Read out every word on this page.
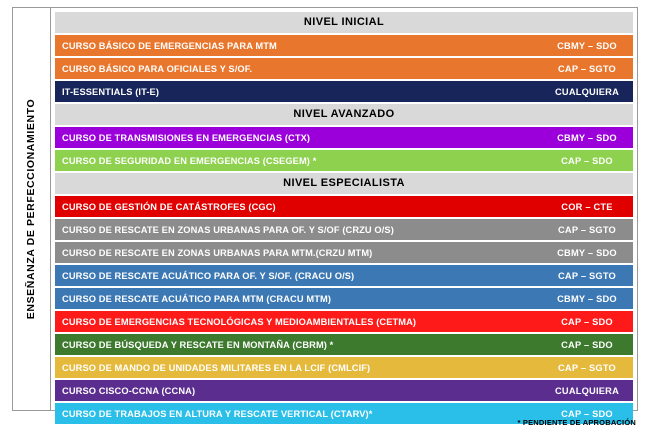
ENSEÑANZA DE PERFECCIONAMIENTO
NIVEL INICIAL
CURSO BÁSICO DE EMERGENCIAS PARA MTM	CBMY – SDO
CURSO BÁSICO PARA OFICIALES Y S/OF.	CAP – SGTO
IT-ESSENTIALS (IT-E)	CUALQUIERA
NIVEL AVANZADO
CURSO DE TRANSMISIONES EN EMERGENCIAS (CTX)	CBMY – SDO
CURSO DE SEGURIDAD EN EMERGENCIAS (CSEGEM) *	CAP – SDO
NIVEL ESPECIALISTA
CURSO DE GESTIÓN DE CATÁSTROFES (CGC)	COR – CTE
CURSO DE RESCATE EN ZONAS URBANAS PARA OF. Y S/OF (CRZU O/S)	CAP – SGTO
CURSO DE RESCATE EN ZONAS URBANAS PARA MTM.(CRZU MTM)	CBMY – SDO
CURSO DE RESCATE ACUÁTICO PARA OF. Y S/OF. (CRACU O/S)	CAP – SGTO
CURSO DE RESCATE ACUÁTICO PARA MTM (CRACU MTM)	CBMY – SDO
CURSO DE EMERGENCIAS TECNOLÓGICAS Y MEDIOAMBIENTALES (CETMA)	CAP – SDO
CURSO DE BÚSQUEDA Y RESCATE EN MONTAÑA (CBRM) *	CAP – SDO
CURSO DE MANDO DE UNIDADES MILITARES EN LA LCIF (CMLCIF)	CAP – SGTO
CURSO CISCO-CCNA (CCNA)	CUALQUIERA
CURSO DE TRABAJOS EN ALTURA Y RESCATE VERTICAL (CTARV)*	CAP – SDO
* PENDIENTE DE APROBACIÓN
